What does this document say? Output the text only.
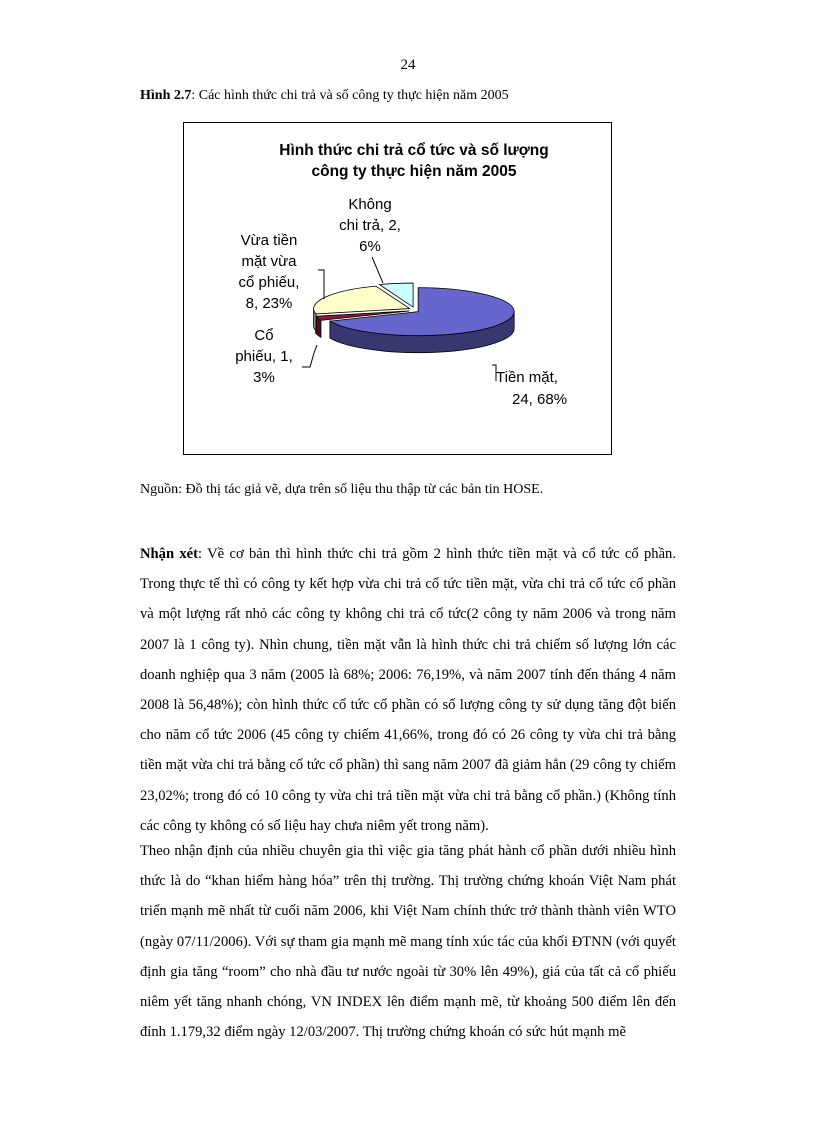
24
Hình 2.7: Các hình thức chi trả và số công ty thực hiện năm 2005
Hình thức chi trả cổ tức và số lượng
công ty thực hiện năm 2005
Tiền mặt,
24, 68%
Cổ
phiếu, 1,
3%
Vừa tiền
mặt vừa
cổ phiếu,
8, 23%
Không
chi trả, 2,
6%
Nguồn: Đồ thị tác giả vẽ, dựa trên số liệu thu thập từ các bản tin HOSE.
Nhận xét: Về cơ bản thì hình thức chi trả gồm 2 hình thức tiền mặt và cổ tức cổ phần. Trong thực tế thì có công ty kết hợp vừa chi trả cổ tức tiền mặt, vừa chi trả cổ tức cổ phần và một lượng rất nhỏ các công ty không chi trả cổ tức(2 công ty năm 2006 và trong năm 2007 là 1 công ty). Nhìn chung, tiền mặt vẫn là hình thức chi trả chiếm số lượng lớn các doanh nghiệp qua 3 năm (2005 là 68%; 2006: 76,19%, và năm 2007 tính đến tháng 4 năm 2008 là 56,48%); còn hình thức cổ tức cổ phần có số lượng công ty sử dụng tăng đột biến cho năm cổ tức 2006 (45 công ty chiếm 41,66%, trong đó có 26 công ty vừa chi trả bằng tiền mặt vừa chi trả bằng cổ tức cổ phần) thì sang năm 2007 đã giảm hẳn (29 công ty chiếm 23,02%; trong đó có 10 công ty vừa chi trả tiền mặt vừa chi trả bằng cổ phần.) (Không tính các công ty không có số liệu hay chưa niêm yết trong năm).
Theo nhận định của nhiều chuyên gia thì việc gia tăng phát hành cổ phần dưới nhiều hình thức là do “khan hiếm hàng hóa” trên thị trường. Thị trường chứng khoán Việt Nam phát triển mạnh mẽ nhất từ cuối năm 2006, khi Việt Nam chính thức trở thành thành viên WTO (ngày 07/11/2006). Với sự tham gia mạnh mẽ mang tính xúc tác của khối ĐTNN (với quyết định gia tăng “room” cho nhà đầu tư nước ngoài từ 30% lên 49%), giá của tất cả cổ phiếu niêm yết tăng nhanh chóng, VN INDEX lên điểm mạnh mẽ, từ khoảng 500 điểm lên đến đỉnh 1.179,32 điểm ngày 12/03/2007. Thị trường chứng khoán có sức hút mạnh mẽ
